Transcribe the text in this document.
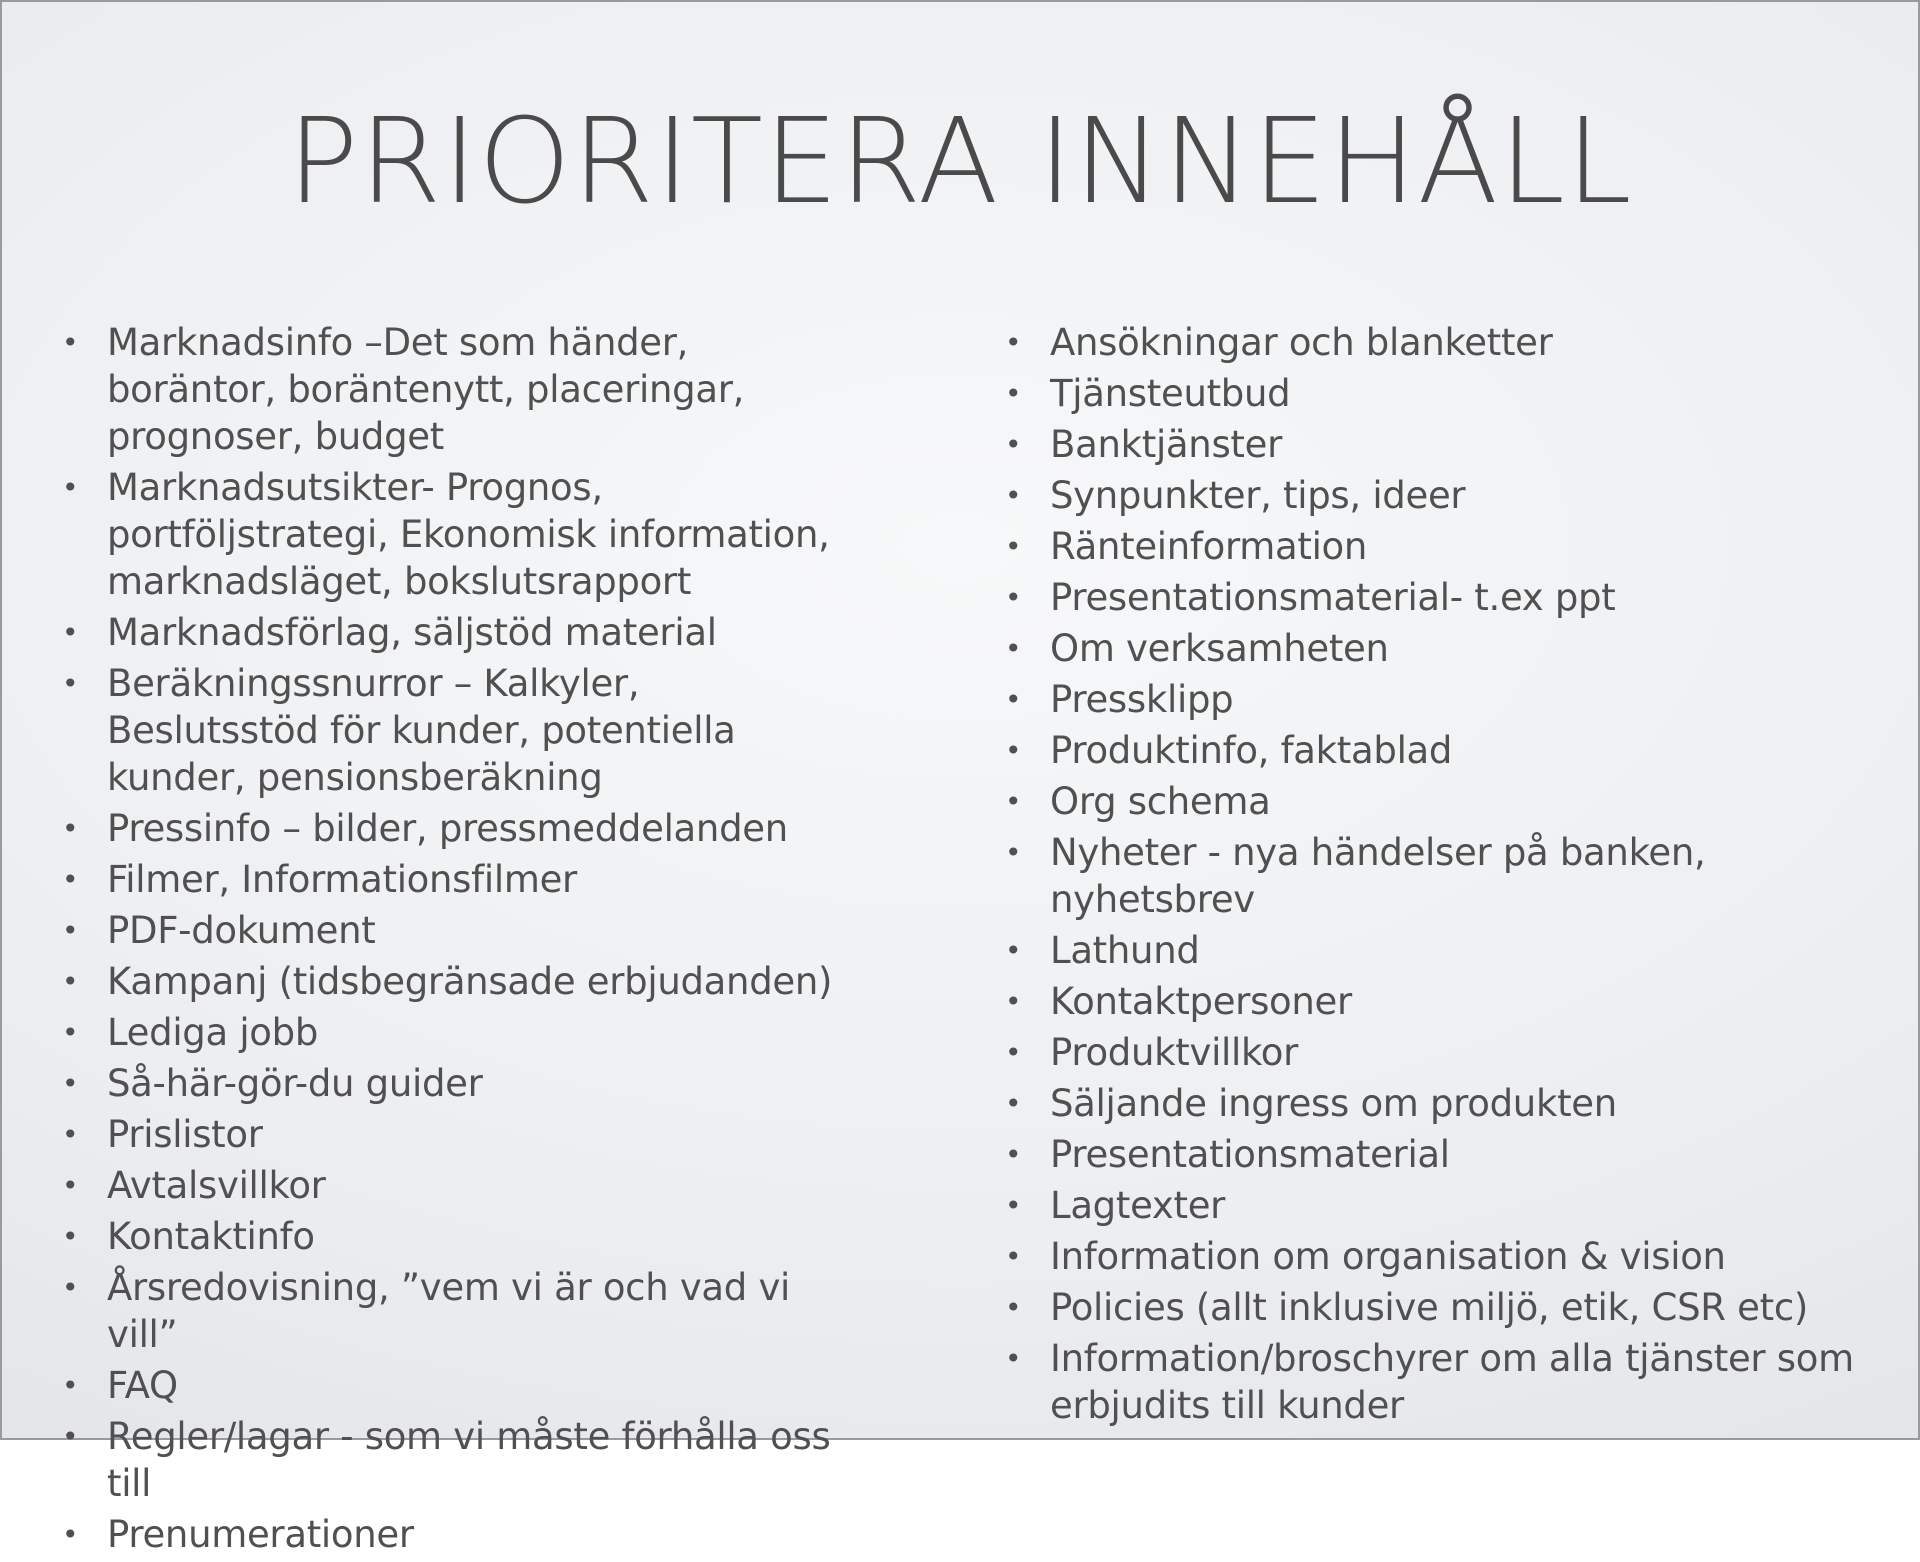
PRIORITERA INNEHÅLL
• Marknadsinfo –Det som händer, boräntor, boräntenytt, placeringar, prognoser, budget
• Marknadsutsikter- Prognos, portföljstrategi, Ekonomisk information, marknadsläget, bokslutsrapport
• Marknadsförlag, säljstöd material
• Beräkningssnurror – Kalkyler, Beslutsstöd för kunder, potentiella kunder, pensionsberäkning
• Pressinfo – bilder, pressmeddelanden
• Filmer, Informationsfilmer
• PDF-dokument
• Kampanj (tidsbegränsade erbjudanden)
• Lediga jobb
• Så-här-gör-du guider
• Prislistor
• Avtalsvillkor
• Kontaktinfo
• Årsredovisning, ”vem vi är och vad vi vill”
• FAQ
• Regler/lagar - som vi måste förhålla oss till
• Prenumerationer
• Ansökningar och blanketter
• Tjänsteutbud
• Banktjänster
• Synpunkter, tips, ideer
• Ränteinformation
• Presentationsmaterial- t.ex ppt
• Om verksamheten
• Pressklipp
• Produktinfo, faktablad
• Org schema
• Nyheter - nya händelser på banken, nyhetsbrev
• Lathund
• Kontaktpersoner
• Produktvillkor
• Säljande ingress om produkten
• Presentationsmaterial
• Lagtexter
• Information om organisation & vision
• Policies (allt inklusive miljö, etik, CSR etc)
• Information/broschyrer om alla tjänster som erbjudits till kunder
